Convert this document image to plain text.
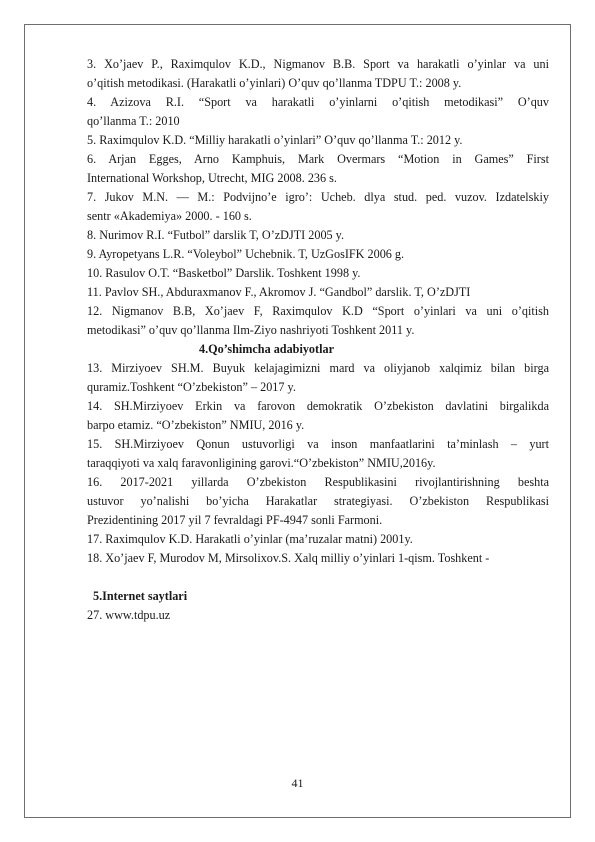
3. Xo’jaev P., Raximqulov K.D., Nigmanov B.B. Sport va harakatli o’yinlar va uni

o’qitish metodikasi. (Harakatli o’yinlari) O’quv qo’llanma TDPU T.: 2008 y.

4. Azizova R.I. “Sport va harakatli o’yinlarni o’qitish metodikasi” O’quv

qo’llanma T.: 2010

5. Raximqulov K.D. “Milliy harakatli o’yinlari” O’quv qo’llanma T.: 2012 y.

6. Arjan Egges, Arno Kamphuis, Mark Overmars “Motion in Games” First

International Workshop, Utrecht, MIG 2008. 236 s.

7. Jukov M.N. — M.: Podvijno’e igro’: Ucheb. dlya stud. ped. vuzov. Izdatelskiy

sentr «Akademiya» 2000. - 160 s.

8. Nurimov R.I. “Futbol” darslik T, O’zDJTI 2005 y.

9. Ayropetyans L.R. “Voleybol” Uchebnik. T, UzGosIFK 2006 g.

10. Rasulov O.T. “Basketbol” Darslik. Toshkent 1998 y.

11. Pavlov SH., Abduraxmanov F., Akromov J. “Gandbol” darslik. T, O’zDJTI

12. Nigmanov B.B, Xo’jaev F, Raximqulov K.D “Sport o’yinlari va uni o’qitish

metodikasi” o’quv qo’llanma Ilm-Ziyo nashriyoti Toshkent 2011 y.

4.Qo’shimcha adabiyotlar

13. Mirziyoev SH.M. Buyuk kelajagimizni mard va oliyjanob xalqimiz bilan birga

quramiz.Toshkent “O’zbekiston” – 2017 y.

14. SH.Mirziyoev Erkin va farovon demokratik O’zbekiston davlatini birgalikda

barpo etamiz. “O’zbekiston” NMIU, 2016 y.

15. SH.Mirziyoev Qonun ustuvorligi va inson manfaatlarini ta’minlash – yurt

taraqqiyoti va xalq faravonligining garovi.“O’zbekiston” NMIU,2016y.

16. 2017-2021 yillarda O’zbekiston Respublikasini rivojlantirishning beshta

ustuvor yo’nalishi bo’yicha Harakatlar strategiyasi. O’zbekiston Respublikasi

Prezidentining 2017 yil 7 fevraldagi PF-4947 sonli Farmoni.

17. Raximqulov K.D. Harakatli o’yinlar (ma’ruzalar matni) 2001y.

18. Xo’jaev F, Murodov M, Mirsolixov.S. Xalq milliy o’yinlari 1-qism. Toshkent -

5.Internet saytlari

27. www.tdpu.uz

41
